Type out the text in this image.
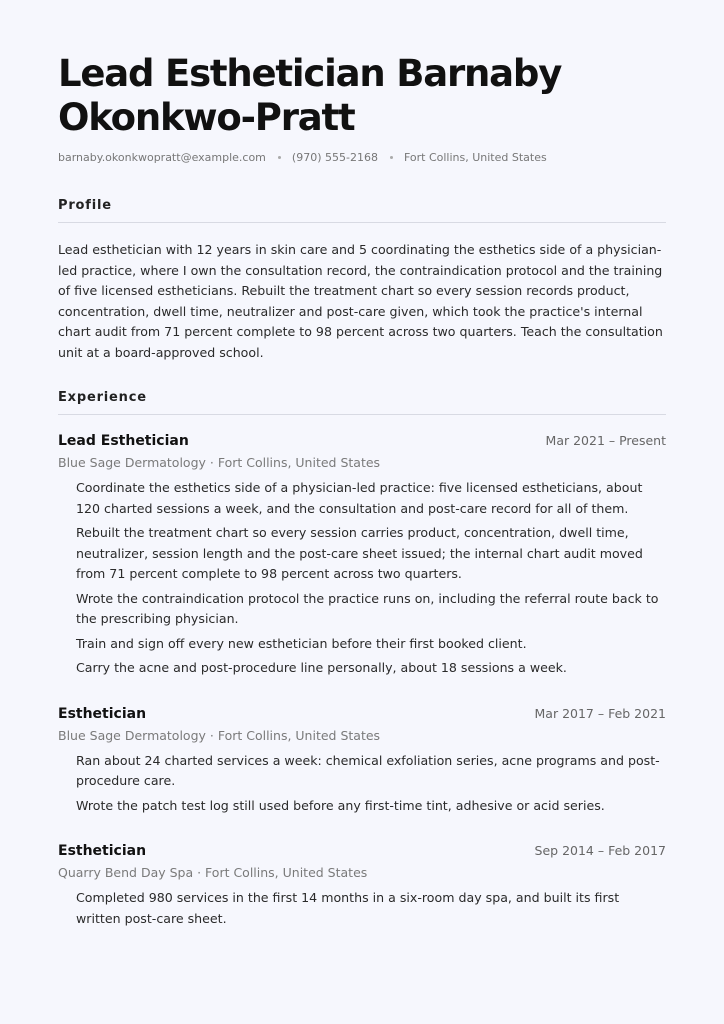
Lead Esthetician Barnaby Okonkwo-Pratt
barnaby.okonkwopratt@example.com (970) 555-2168 Fort Collins, United States
Profile

Lead esthetician with 12 years in skin care and 5 coordinating the esthetics side of a physician-led practice, where I own the consultation record, the contraindication protocol and the training of five licensed estheticians. Rebuilt the treatment chart so every session records product, concentration, dwell time, neutralizer and post-care given, which took the practice's internal chart audit from 71 percent complete to 98 percent across two quarters. Teach the consultation unit at a board-approved school.

Experience
Lead Esthetician	Mar 2021 – Present
Blue Sage Dermatology · Fort Collins, United States
Coordinate the esthetics side of a physician-led practice: five licensed estheticians, about 120 charted sessions a week, and the consultation and post-care record for all of them.
Rebuilt the treatment chart so every session carries product, concentration, dwell time, neutralizer, session length and the post-care sheet issued; the internal chart audit moved from 71 percent complete to 98 percent across two quarters.
Wrote the contraindication protocol the practice runs on, including the referral route back to the prescribing physician.
Train and sign off every new esthetician before their first booked client.
Carry the acne and post-procedure line personally, about 18 sessions a week.
Esthetician	Mar 2017 – Feb 2021
Blue Sage Dermatology · Fort Collins, United States
Ran about 24 charted services a week: chemical exfoliation series, acne programs and post-procedure care.
Wrote the patch test log still used before any first-time tint, adhesive or acid series.
Esthetician	Sep 2014 – Feb 2017
Quarry Bend Day Spa · Fort Collins, United States
Completed 980 services in the first 14 months in a six-room day spa, and built its first written post-care sheet.
